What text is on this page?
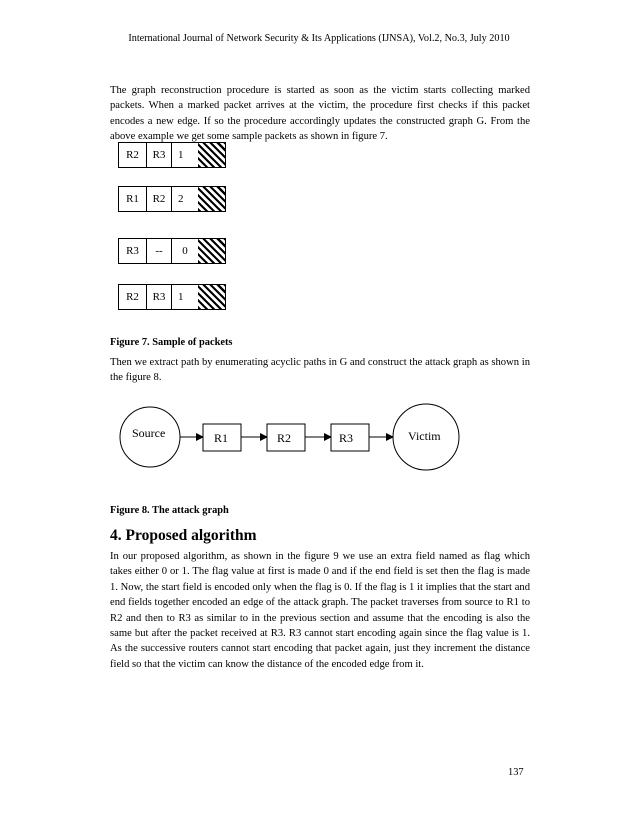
International Journal of Network Security & Its Applications (IJNSA), Vol.2, No.3, July 2010
The graph reconstruction procedure is started as soon as the victim starts collecting marked packets. When a marked packet arrives at the victim, the procedure first checks if this packet encodes a new edge. If so the procedure accordingly updates the constructed graph G. From the above example we get some sample packets as shown in figure 7.
R2	R3	1
R1	R2	2
R3	--	0
R2	R3	1
Figure 7. Sample of packets
Then we extract path by enumerating acyclic paths in G and construct the attack graph as shown in the figure 8.
Source	R1	R2	R3	Victim
Figure 8. The attack graph
4. Proposed algorithm
In our proposed algorithm, as shown in the figure 9 we use an extra field named as flag which takes either 0 or 1. The flag value at first is made 0 and if the end field is set then the flag is made 1. Now, the start field is encoded only when the flag is 0. If the flag is 1 it implies that the start and end fields together encoded an edge of the attack graph. The packet traverses from source to R1 to R2 and then to R3 as similar to in the previous section and assume that the encoding is also the same but after the packet received at R3. R3 cannot start encoding again since the flag value is 1. As the successive routers cannot start encoding that packet again, just they increment the distance field so that the victim can know the distance of the encoded edge from it.
137
